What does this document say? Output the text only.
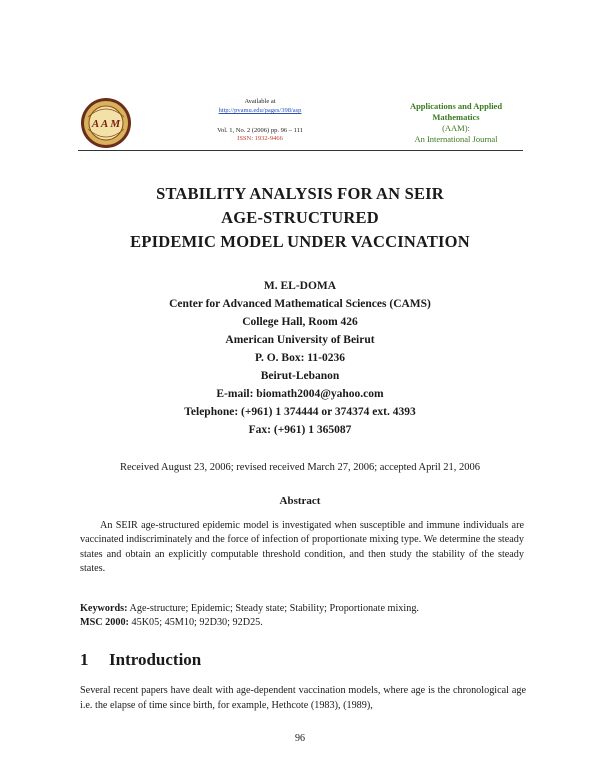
A A M
Available at
http://pvamu.edu/pages/398/asp
Vol. 1, No. 2 (2006) pp. 96 – 111
ISSN: 1932-9466
Applications and Applied Mathematics
(AAM):
An International Journal
STABILITY ANALYSIS FOR AN SEIR
AGE-STRUCTURED
EPIDEMIC MODEL UNDER VACCINATION
M. EL-DOMA
Center for Advanced Mathematical Sciences (CAMS)
College Hall, Room 426
American University of Beirut
P. O. Box: 11-0236
Beirut-Lebanon
E-mail: biomath2004@yahoo.com
Telephone: (+961) 1 374444 or 374374 ext. 4393
Fax: (+961) 1 365087
Received August 23, 2006; revised received March 27, 2006; accepted April 21, 2006
Abstract
An SEIR age-structured epidemic model is investigated when susceptible and immune individuals are vaccinated indiscriminately and the force of infection of proportionate mixing type. We determine the steady states and obtain an explicitly computable threshold condition, and then study the stability of the steady states.
Keywords: Age-structure; Epidemic; Steady state; Stability; Proportionate mixing.
MSC 2000: 45K05; 45M10; 92D30; 92D25.
1 Introduction
Several recent papers have dealt with age-dependent vaccination models, where age is the chronological age i.e. the elapse of time since birth, for example, Hethcote (1983), (1989),
96
